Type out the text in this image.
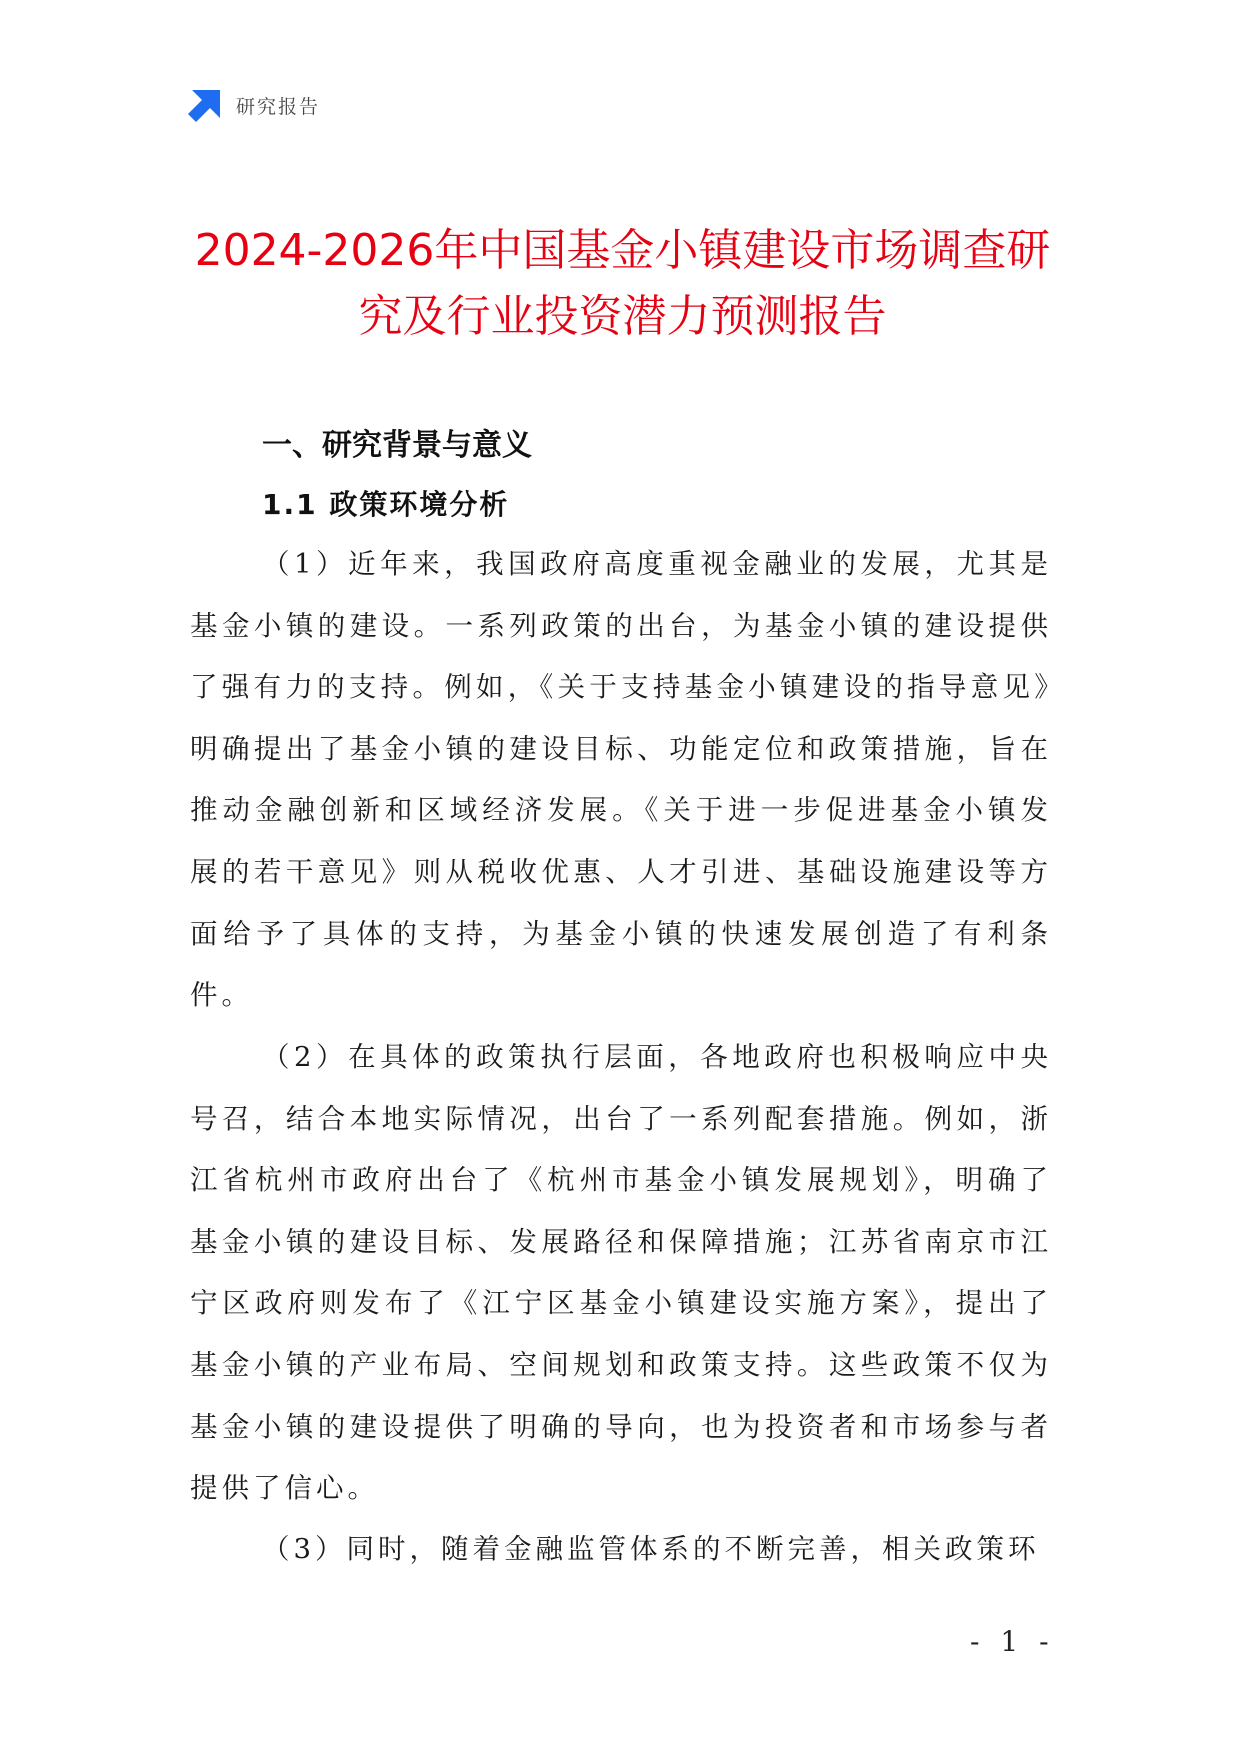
研究报告
2024-2026年中国基金小镇建设市场调查研
究及行业投资潜力预测报告
一、研究背景与意义
1.1 政策环境分析

（1）近年来，我国政府高度重视金融业的发展，尤其是基金小镇的建设。一系列政策的出台，为基金小镇的建设提供了强有力的支持。例如，《关于支持基金小镇建设的指导意见》明确提出了基金小镇的建设目标、功能定位和政策措施，旨在推动金融创新和区域经济发展。《关于进一步促进基金小镇发展的若干意见》则从税收优惠、人才引进、基础设施建设等方面给予了具体的支持，为基金小镇的快速发展创造了有利条件。

（2）在具体的政策执行层面，各地政府也积极响应中央号召，结合本地实际情况，出台了一系列配套措施。例如，浙江省杭州市政府出台了《杭州市基金小镇发展规划》，明确了基金小镇的建设目标、发展路径和保障措施；江苏省南京市江宁区政府则发布了《江宁区基金小镇建设实施方案》，提出了基金小镇的产业布局、空间规划和政策支持。这些政策不仅为基金小镇的建设提供了明确的导向，也为投资者和市场参与者提供了信心。

（3）同时，随着金融监管体系的不断完善，相关政策环

- 1 -
